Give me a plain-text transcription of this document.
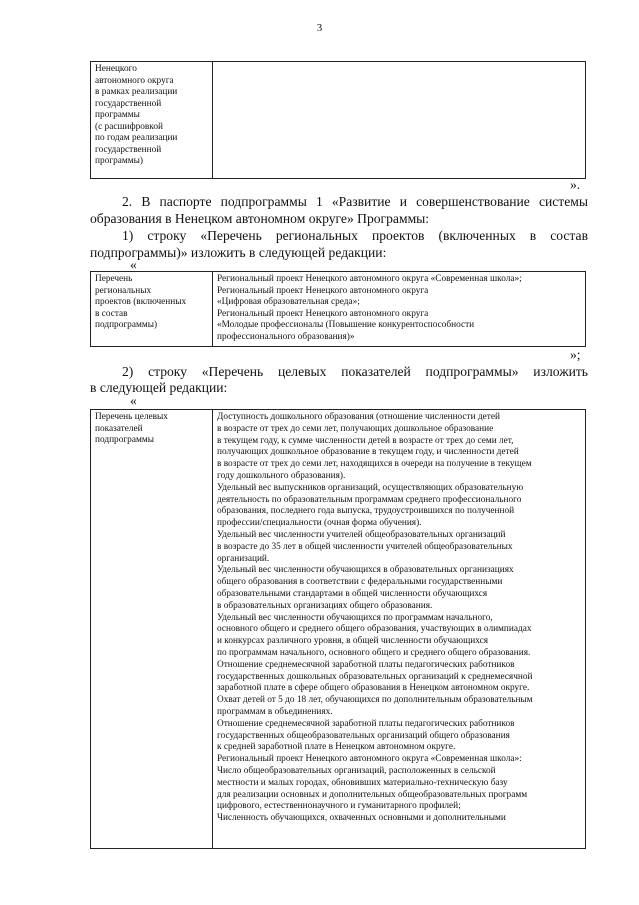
3
Ненецкого
автономного округа
в рамках реализации
государственной
программы
(с расшифровкой
по годам реализации
государственной
программы)
».
2. В паспорте подпрограммы 1 «Развитие и совершенствование системы
образования в Ненецком автономном округе» Программы:
1) строку «Перечень региональных проектов (включенных в состав
подпрограммы)» изложить в следующей редакции:
«
Перечень
региональных
проектов (включенных
в состав
подпрограммы)
Региональный проект Ненецкого автономного округа «Современная школа»;
Региональный проект Ненецкого автономного округа
«Цифровая образовательная среда»;
Региональный проект Ненецкого автономного округа
«Молодые профессионалы (Повышение конкурентоспособности
профессионального образования)»
»;
2) строку «Перечень целевых показателей подпрограммы» изложить
в следующей редакции:
«
Перечень целевых
показателей
подпрограммы
Доступность дошкольного образования (отношение численности детей
в возрасте от трех до семи лет, получающих дошкольное образование
в текущем году, к сумме численности детей в возрасте от трех до семи лет,
получающих дошкольное образование в текущем году, и численности детей
в возрасте от трех до семи лет, находящихся в очереди на получение в текущем
году дошкольного образования).
Удельный вес выпускников организаций, осуществляющих образовательную
деятельность по образовательным программам среднего профессионального
образования, последнего года выпуска, трудоустроившихся по полученной
профессии/специальности (очная форма обучения).
Удельный вес численности учителей общеобразовательных организаций
в возрасте до 35 лет в общей численности учителей общеобразовательных
организаций.
Удельный вес численности обучающихся в образовательных организациях
общего образования в соответствии с федеральными государственными
образовательными стандартами в общей численности обучающихся
в образовательных организациях общего образования.
Удельный вес численности обучающихся по программам начального,
основного общего и среднего общего образования, участвующих в олимпиадах
и конкурсах различного уровня, в общей численности обучающихся
по программам начального, основного общего и среднего общего образования.
Отношение среднемесячной заработной платы педагогических работников
государственных дошкольных образовательных организаций к среднемесячной
заработной плате в сфере общего образования в Ненецком автономном округе.
Охват детей от 5 до 18 лет, обучающихся по дополнительным образовательным
программам в объединениях.
Отношение среднемесячной заработной платы педагогических работников
государственных общеобразовательных организаций общего образования
к средней заработной плате в Ненецком автономном округе.
Региональный проект Ненецкого автономного округа «Современная школа»:
Число общеобразовательных организаций, расположенных в сельской
местности и малых городах, обновивших материально-техническую базу
для реализации основных и дополнительных общеобразовательных программ
цифрового, естественнонаучного и гуманитарного профилей;
Численность обучающихся, охваченных основными и дополнительными
